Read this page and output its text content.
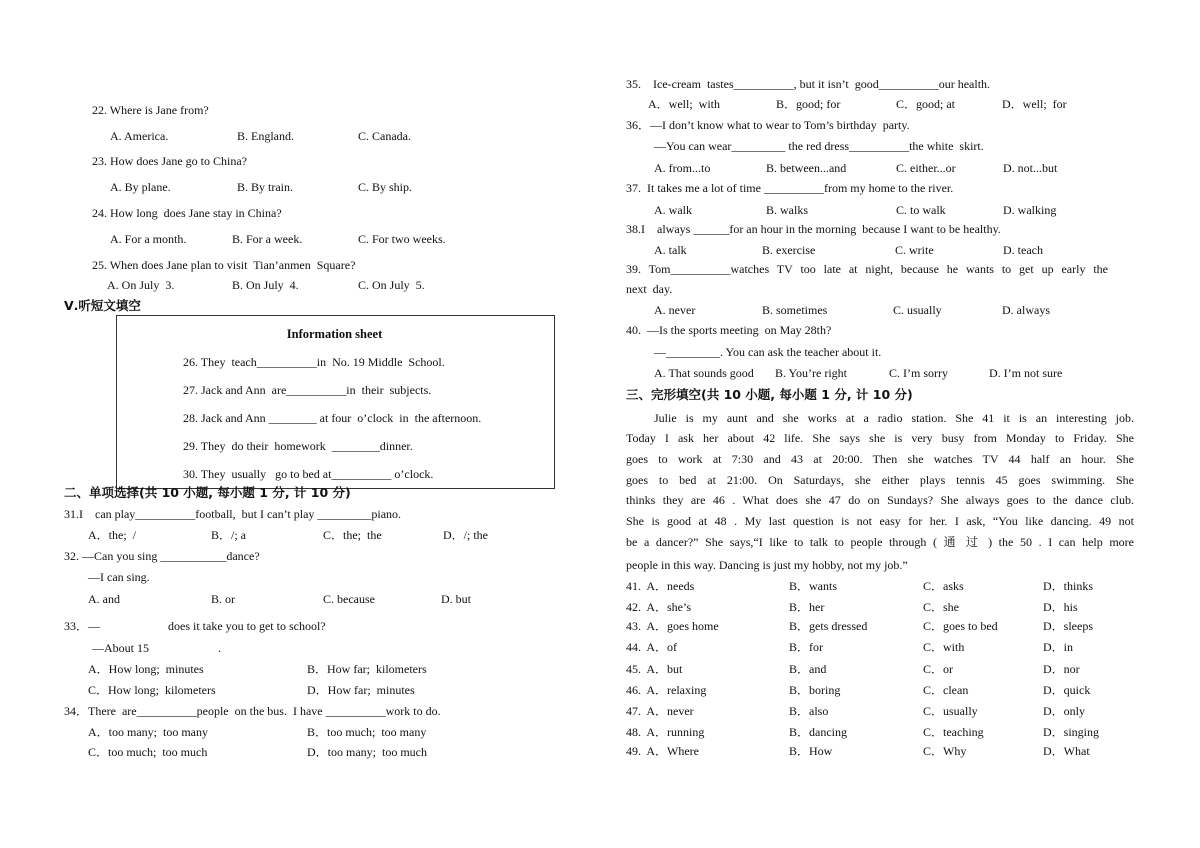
Information sheet
22. Where is Jane from?
A. America.	B. England.	C. Canada.
23. How does Jane go to China?
A. By plane.	B. By train.	C. By ship.
24. How long  does Jane stay in China?
A. For a month.	B. For a week.	C. For two weeks.
25. When does Jane plan to visit  Tian’anmen  Square?
A. On July  3.	B. On July  4.	C. On July  5.
Ⅴ.听短文填空
26. They  teach__________in  No. 19 Middle  School.
27. Jack and Ann  are__________in  their  subjects.
28. Jack and Ann ________ at four  o’clock  in  the afternoon.
29. They  do their  homework  ________dinner.
30. They  usually   go to bed at__________ o’clock.
二、单项选择(共 10 小题, 每小题 1 分, 计 10 分)
31.I    can play__________football,  but I can’t play _________piano.
A．the;  /	B．/; a	C．the;  the	D．/; the
32. —Can you sing ___________dance?
—I can sing.
A. and	B. or	C. because	D. but
33．—	does it take you to get to school?
—About 15	.
A．How long;  minutes	B．How far;  kilometers
C．How long;  kilometers	D．How far;  minutes
34．There  are__________people  on the bus.  I have __________work to do.
A．too many;  too many	B．too much;  too many
C．too much;  too much	D．too many;  too much
35.    Ice-cream  tastes__________, but it isn’t  good__________our health.
A．well;  with	B．good; for	C．good; at	D．well;  for
36．—I don’t know what to wear to Tom’s birthday  party.
—You can wear_________ the red dress__________the white  skirt.
A. from...to	B. between...and	C. either...or	D. not...but
37.  It takes me a lot of time __________from my home to the river.
A. walk	B. walks	C. to walk	D. walking
38.I    always ______for an hour in the morning  because I want to be healthy.
A. talk	B. exercise	C. write	D. teach
39. Tom__________watches TV too late at night, because he wants to get up early the
next  day.
A. never	B. sometimes	C. usually	D. always
40.  —Is the sports meeting  on May 28th?
—_________. You can ask the teacher about it.
A. That sounds good B. You’re right	C. I’m sorry	D. I’m not sure
三、完形填空(共 10 小题, 每小题 1 分, 计 10 分)
Julie is my aunt and she works at a radio station. She 41 it is an interesting job.
Today I ask her about 42 life. She says she is very busy from Monday to Friday. She
goes to work at 7:30 and 43 at 20:00. Then she watches TV 44 half an hour. She
goes to bed at 21:00. On Saturdays, she either plays tennis 45 goes swimming. She
thinks they are 46 . What does she 47 do on Sundays? She always goes to the dance club.
She is good at 48 . My last question is not easy for her. I ask, “You like dancing. 49 not
be a dancer?” She says,“I like to talk to people through ( 通 过 ) the 50 . I can help more
people in this way. Dancing is just my hobby, not my job.”
41.  A．needs	B．wants	C．asks	D．thinks
42.  A．she’s	B．her	C．she	D．his
43.  A．goes home	B．gets dressed	C．goes to bed	D．sleeps
44.  A．of	B．for	C．with	D．in
45.  A．but	B．and	C．or	D．nor
46.  A．relaxing	B．boring	C．clean	D．quick
47.  A．never	B．also	C．usually	D．only
48.  A．running	B．dancing	C．teaching	D．singing
49.  A．Where	B．How	C．Why	D．What
